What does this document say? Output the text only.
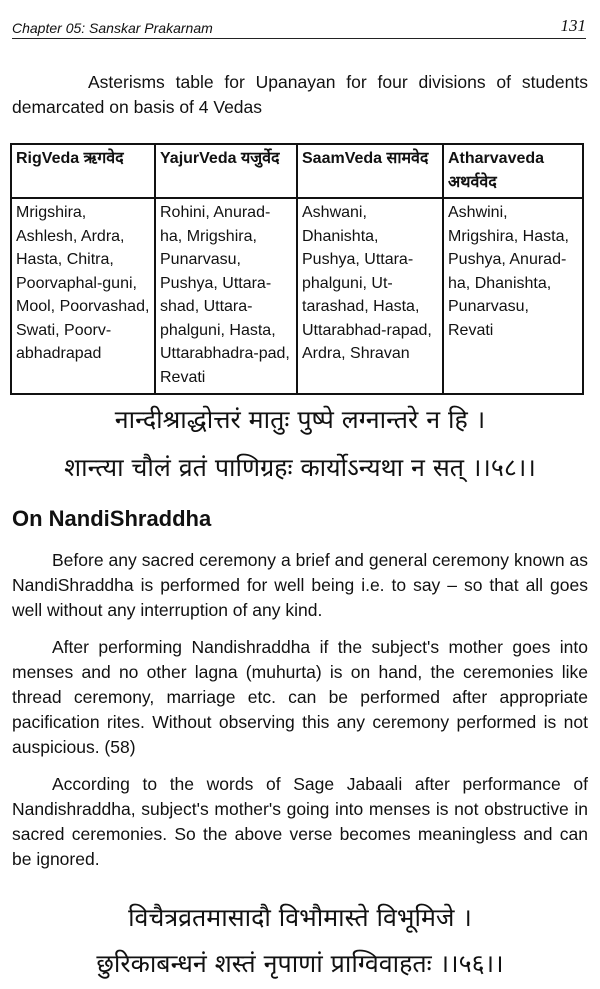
Chapter 05: Sanskar Prakarnam	131

Asterisms table for Upanayan for four divisions of students demarcated on basis of 4 Vedas

RigVeda ऋगवेद	YajurVeda यजुर्वेद	SaamVeda सामवेद	Atharvaveda अथर्ववेद
Mrigshira, Ashlesh, Ardra, Hasta, Chitra, Poorvaphal-guni, Mool, Poorvashad, Swati, Poorv-abhadrapad	Rohini, Anurad-ha, Mrigshira, Punarvasu, Pushya, Uttara-shad, Uttara-phalguni, Hasta, Uttarabhadra-pad, Revati	Ashwani, Dhanishta, Pushya, Uttara-phalguni, Ut-tarashad, Hasta, Uttarabhad-rapad, Ardra, Shravan	Ashwini, Mrigshira, Hasta, Pushya, Anurad-ha, Dhanishta, Punarvasu, Revati
नान्दीश्राद्धोत्तरं मातुः पुष्पे लग्नान्तरे न हि ।
शान्त्या चौलं व्रतं पाणिग्रहः कार्योऽन्यथा न सत् ।।५८।।
On NandiShraddha

Before any sacred ceremony a brief and general ceremony known as NandiShraddha is performed for well being i.e. to say – so that all goes well without any interruption of any kind.

After performing Nandishraddha if the subject's mother goes into menses and no other lagna (muhurta) is on hand, the ceremonies like thread ceremony, marriage etc. can be performed after appropriate pacification rites. Without observing this any ceremony performed is not auspicious. (58)

According to the words of Sage Jabaali after performance of Nandishraddha, subject's mother's going into menses is not obstructive in sacred ceremonies. So the above verse becomes meaningless and can be ignored.

विचैत्रव्रतमासादौ विभौमास्ते विभूमिजे ।
छुरिकाबन्धनं शस्तं नृपाणां प्राग्विवाहतः ।।५६।।
